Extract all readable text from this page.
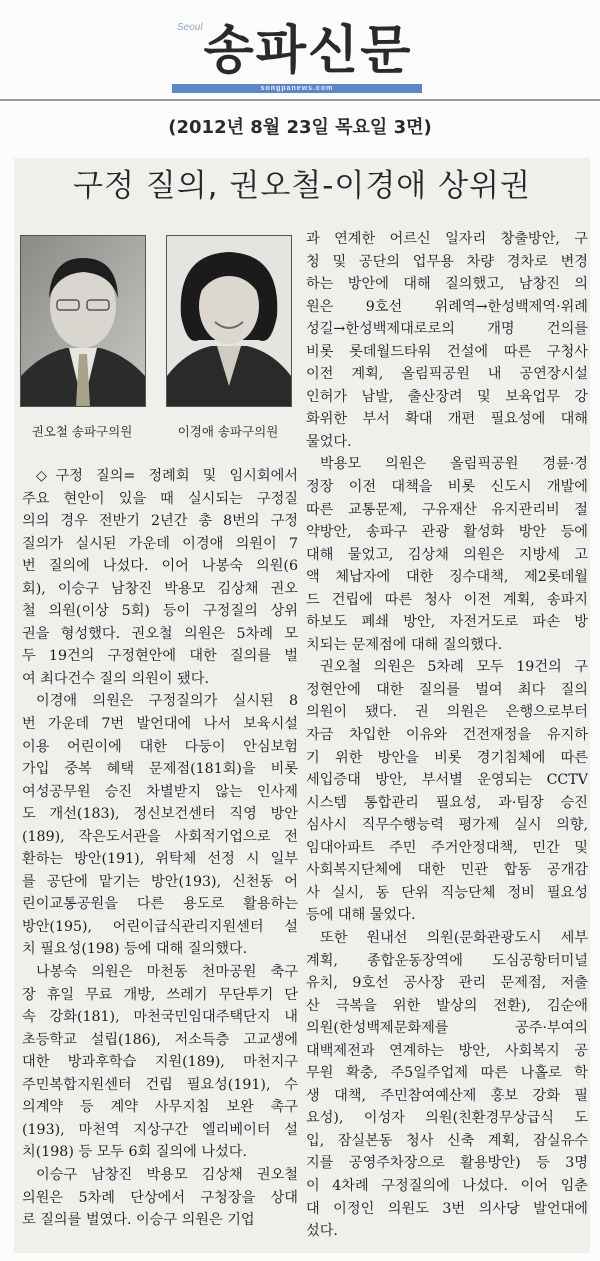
Seoul 송파신문
songpanews.com
(2012년 8월 23일 목요일 3면)
구정 질의, 권오철-이경애 상위권
권오철 송파구의원	이경애 송파구의원
◇구정 질의= 정례회 및 임시회에서
주요 현안이 있을 때 실시되는 구정질
의의 경우 전반기 2년간 총 8번의 구정
질의가 실시된 가운데 이경애 의원이 7
번 질의에 나섰다. 이어 나봉숙 의원(6
회), 이승구 남창진 박용모 김상채 권오
철 의원(이상 5회) 등이 구정질의 상위
권을 형성했다. 권오철 의원은 5차례 모
두 19건의 구정현안에 대한 질의를 벌
여 최다건수 질의 의원이 됐다.
이경애 의원은 구정질의가 실시된 8
번 가운데 7번 발언대에 나서 보육시설
이용 어린이에 대한 다둥이 안심보험
가입 중복 혜택 문제점(181회)을 비롯
여성공무원 승진 차별받지 않는 인사제
도 개선(183), 정신보건센터 직영 방안
(189), 작은도서관을 사회적기업으로 전
환하는 방안(191), 위탁체 선정 시 일부
를 공단에 맡기는 방안(193), 신천동 어
린이교통공원을 다른 용도로 활용하는
방안(195), 어린이급식관리지원센터 설
치 필요성(198) 등에 대해 질의했다.
나봉숙 의원은 마천동 천마공원 축구
장 휴일 무료 개방, 쓰레기 무단투기 단
속 강화(181), 마천국민임대주택단지 내
초등학교 설립(186), 저소득층 고교생에
대한 방과후학습 지원(189), 마천지구
주민복합지원센터 건립 필요성(191), 수
의계약 등 계약 사무지침 보완 촉구
(193), 마천역 지상구간 엘리베이터 설
치(198) 등 모두 6회 질의에 나섰다.
이승구 남창진 박용모 김상채 권오철
의원은 5차례 단상에서 구청장을 상대
로 질의를 벌였다. 이승구 의원은 기업
과 연계한 어르신 일자리 창출방안, 구
청 및 공단의 업무용 차량 경차로 변경
하는 방안에 대해 질의했고, 남창진 의
원은 9호선 위례역→한성백제역·위례
성길→한성백제대로로의 개명 건의를
비롯 롯데월드타워 건설에 따른 구청사
이전 계획, 올림픽공원 내 공연장시설
인허가 남발, 출산장려 및 보육업무 강
화위한 부서 확대 개편 필요성에 대해
물었다.
박용모 의원은 올림픽공원 경륜·경
정장 이전 대책을 비롯 신도시 개발에
따른 교통문제, 구유재산 유지관리비 절
약방안, 송파구 관광 활성화 방안 등에
대해 물었고, 김상채 의원은 지방세 고
액 체납자에 대한 징수대책, 제2롯데월
드 건립에 따른 청사 이전 계획, 송파지
하보도 폐쇄 방안, 자전거도로 파손 방
치되는 문제점에 대해 질의했다.
권오철 의원은 5차례 모두 19건의 구
정현안에 대한 질의를 벌여 최다 질의
의원이 됐다. 권 의원은 은행으로부터
자금 차입한 이유와 건전재정을 유지하
기 위한 방안을 비롯 경기침체에 따른
세입증대 방안, 부서별 운영되는 CCTV
시스템 통합관리 필요성, 과·팀장 승진
심사시 직무수행능력 평가제 실시 의향,
임대아파트 주민 주거안정대책, 민간 및
사회복지단체에 대한 민관 합동 공개감
사 실시, 동 단위 직능단체 정비 필요성
등에 대해 물었다.
또한 원내선 의원(문화관광도시 세부
계획, 종합운동장역에 도심공항터미널
유치, 9호선 공사장 관리 문제점, 저출
산 극복을 위한 발상의 전환), 김순애
의원(한성백제문화제를 공주·부여의
대백제전과 연계하는 방안, 사회복지 공
무원 확충, 주5일주업제 따른 나홀로 학
생 대책, 주민참여예산제 홍보 강화 필
요성), 이성자 의원(친환경무상급식 도
입, 잠실본동 청사 신축 계획, 잠실유수
지를 공영주차장으로 활용방안) 등 3명
이 4차례 구정질의에 나섰다. 이어 임춘
대 이정인 의원도 3번 의사당 발언대에
섰다.
